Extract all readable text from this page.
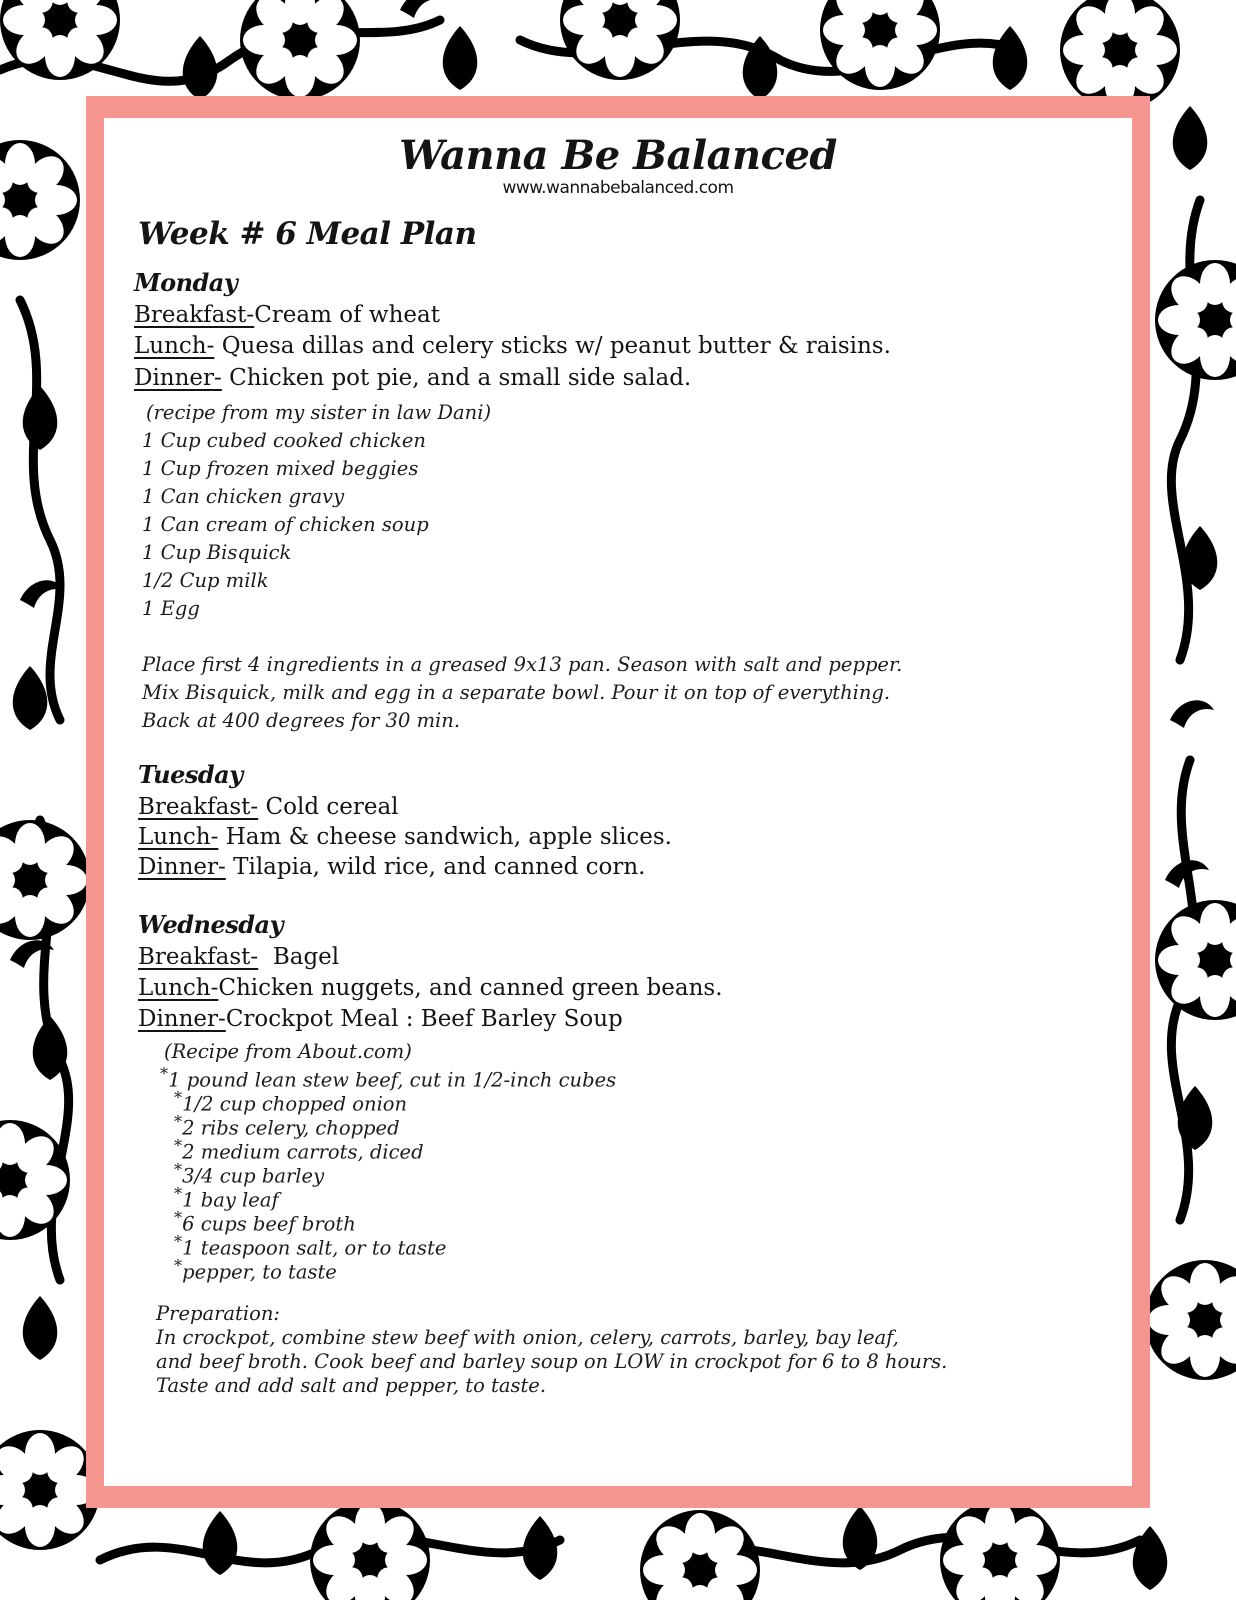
Wanna Be Balanced
www.wannabebalanced.com
Week # 6 Meal Plan
Monday
Breakfast-Cream of wheat
Lunch- Quesa dillas and celery sticks w/ peanut butter & raisins.
Dinner- Chicken pot pie, and a small side salad.
(recipe from my sister in law Dani)
1 Cup cubed cooked chicken
1 Cup frozen mixed beggies
1 Can chicken gravy
1 Can cream of chicken soup
1 Cup Bisquick
1/2 Cup milk
1 Egg
Place first 4 ingredients in a greased 9x13 pan. Season with salt and pepper.
Mix Bisquick, milk and egg in a separate bowl. Pour it on top of everything.
Back at 400 degrees for 30 min.
Tuesday
Breakfast- Cold cereal
Lunch- Ham & cheese sandwich, apple slices.
Dinner- Tilapia, wild rice, and canned corn.
Wednesday
Breakfast- Bagel
Lunch-Chicken nuggets, and canned green beans.
Dinner-Crockpot Meal : Beef Barley Soup
(Recipe from About.com)
*1 pound lean stew beef, cut in 1/2-inch cubes
*1/2 cup chopped onion
*2 ribs celery, chopped
*2 medium carrots, diced
*3/4 cup barley
*1 bay leaf
*6 cups beef broth
*1 teaspoon salt, or to taste
*pepper, to taste
Preparation:
In crockpot, combine stew beef with onion, celery, carrots, barley, bay leaf,
and beef broth. Cook beef and barley soup on LOW in crockpot for 6 to 8 hours.
Taste and add salt and pepper, to taste.
